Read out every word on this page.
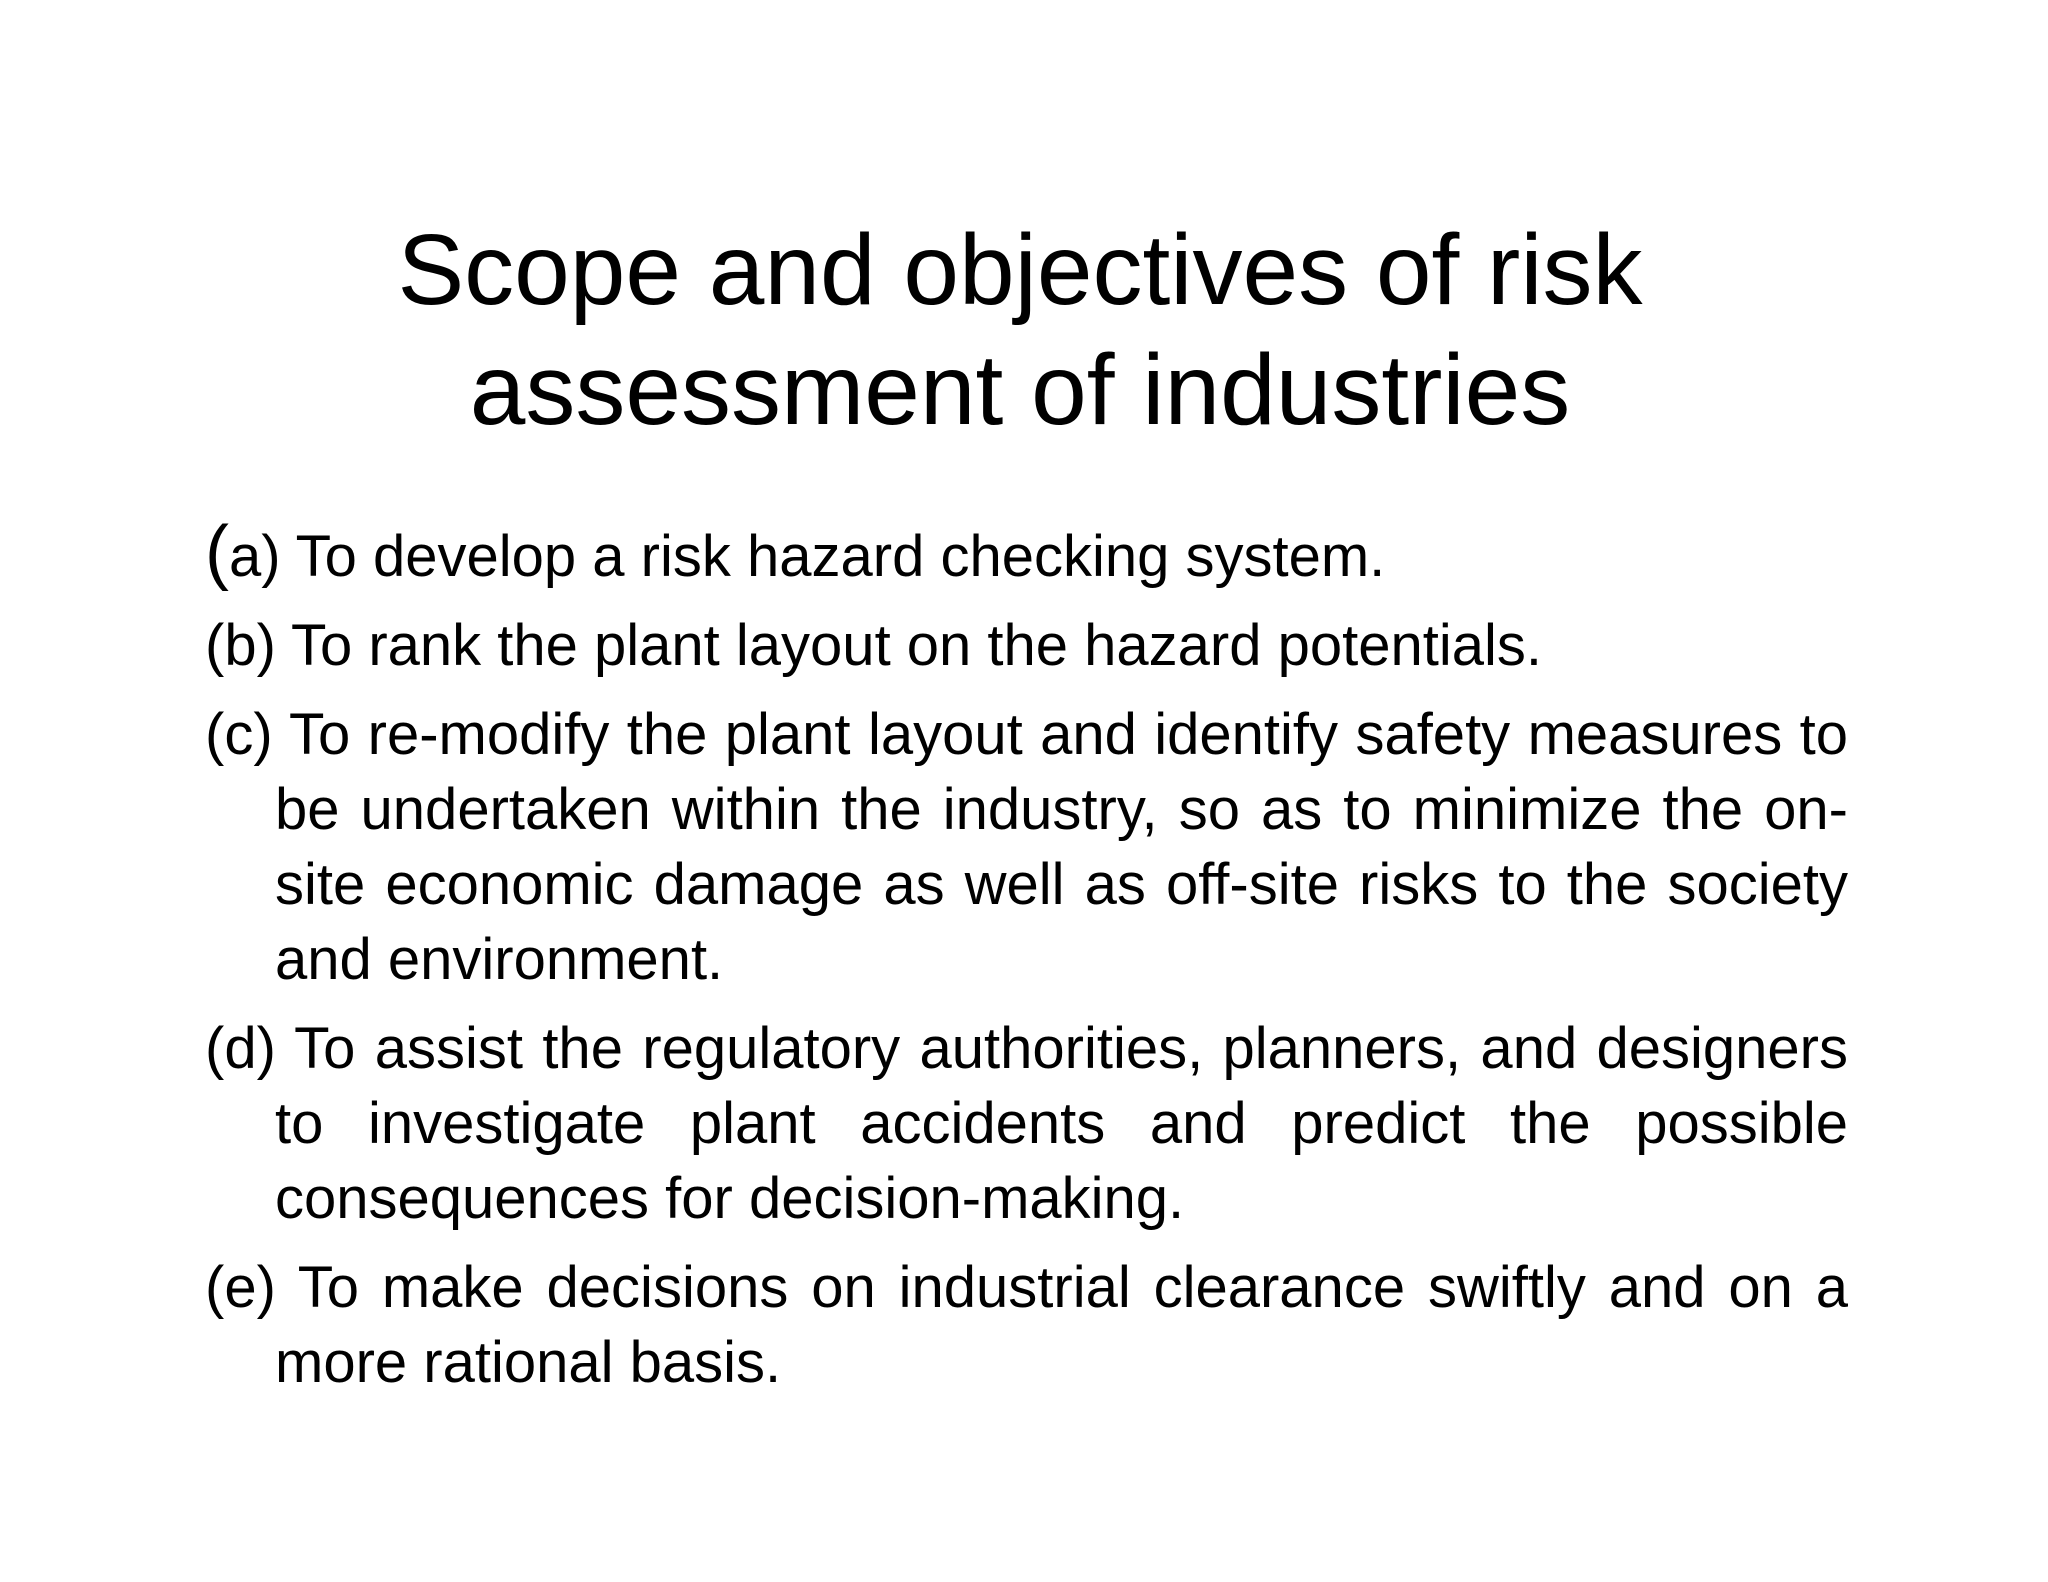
Scope and objectives of risk
assessment of industries

(a) To develop a risk hazard checking system.

(b) To rank the plant layout on the hazard potentials.

(c) To re-modify the plant layout and identify safety measures to be undertaken within the industry, so as to minimize the on-site economic damage as well as off-site risks to the society and environment.

(d) To assist the regulatory authorities, planners, and designers to investigate plant accidents and predict the possible consequences for decision-making.

(e) To make decisions on industrial clearance swiftly and on a more rational basis.
